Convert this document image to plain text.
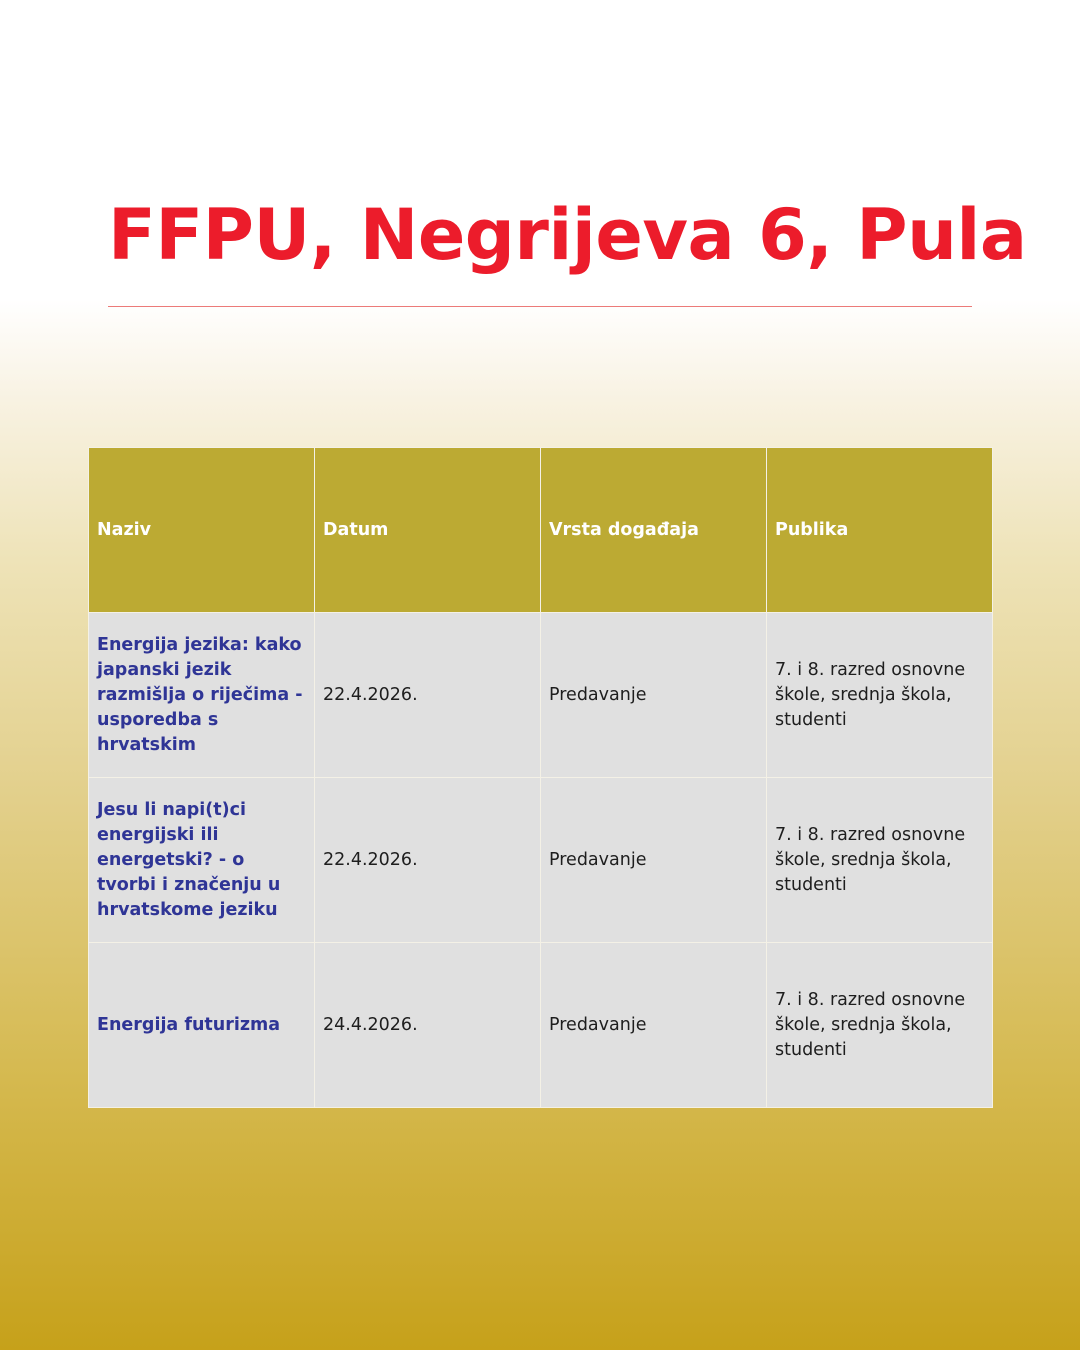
FFPU, Negrijeva 6, Pula
Naziv	Datum	Vrsta događaja	Publika
Energija jezika: kako japanski jezik razmišlja o riječima - usporedba s hrvatskim	22.4.2026.	Predavanje	7. i 8. razred osnovne škole, srednja škola, studenti
Jesu li napi(t)ci energijski ili energetski? - o tvorbi i značenju u hrvatskome jeziku	22.4.2026.	Predavanje	7. i 8. razred osnovne škole, srednja škola, studenti
Energija futurizma	24.4.2026.	Predavanje	7. i 8. razred osnovne škole, srednja škola, studenti
